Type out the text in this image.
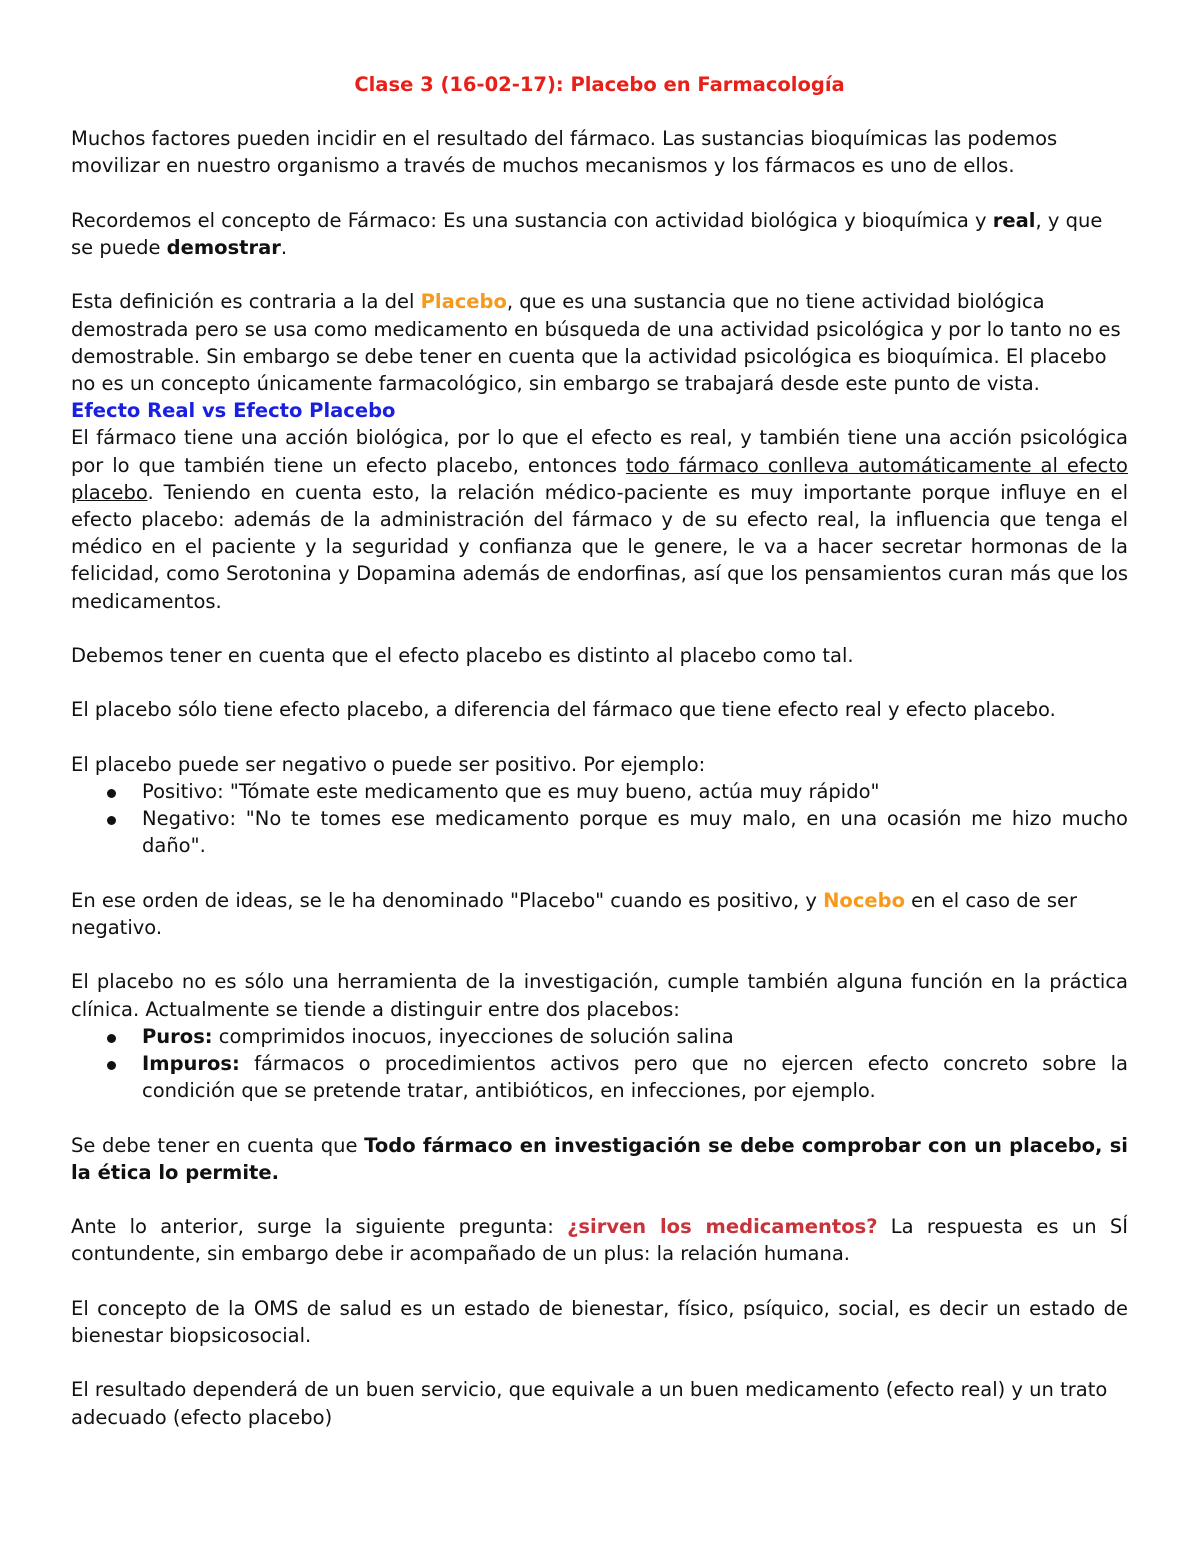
Clase 3 (16-02-17): Placebo en Farmacología

Muchos factores pueden incidir en el resultado del fármaco. Las sustancias bioquímicas las podemos movilizar en nuestro organismo a través de muchos mecanismos y los fármacos es uno de ellos.

Recordemos el concepto de Fármaco: Es una sustancia con actividad biológica y bioquímica y real, y que se puede demostrar.

Esta definición es contraria a la del Placebo, que es una sustancia que no tiene actividad biológica demostrada pero se usa como medicamento en búsqueda de una actividad psicológica y por lo tanto no es demostrable. Sin embargo se debe tener en cuenta que la actividad psicológica es bioquímica. El placebo no es un concepto únicamente farmacológico, sin embargo se trabajará desde este punto de vista.

Efecto Real vs Efecto Placebo

El fármaco tiene una acción biológica, por lo que el efecto es real, y también tiene una acción psicológica por lo que también tiene un efecto placebo, entonces todo fármaco conlleva automáticamente al efecto placebo. Teniendo en cuenta esto, la relación médico-paciente es muy importante porque influye en el efecto placebo: además de la administración del fármaco y de su efecto real, la influencia que tenga el médico en el paciente y la seguridad y confianza que le genere, le va a hacer secretar hormonas de la felicidad, como Serotonina y Dopamina además de endorfinas, así que los pensamientos curan más que los medicamentos.

Debemos tener en cuenta que el efecto placebo es distinto al placebo como tal.

El placebo sólo tiene efecto placebo, a diferencia del fármaco que tiene efecto real y efecto placebo.

El placebo puede ser negativo o puede ser positivo. Por ejemplo:

Positivo: "Tómate este medicamento que es muy bueno, actúa muy rápido"
Negativo: "No te tomes ese medicamento porque es muy malo, en una ocasión me hizo mucho daño".

En ese orden de ideas, se le ha denominado "Placebo" cuando es positivo, y Nocebo en el caso de ser negativo.

El placebo no es sólo una herramienta de la investigación, cumple también alguna función en la práctica clínica. Actualmente se tiende a distinguir entre dos placebos:

Puros: comprimidos inocuos, inyecciones de solución salina
Impuros: fármacos o procedimientos activos pero que no ejercen efecto concreto sobre la condición que se pretende tratar, antibióticos, en infecciones, por ejemplo.

Se debe tener en cuenta que Todo fármaco en investigación se debe comprobar con un placebo, si la ética lo permite.

Ante lo anterior, surge la siguiente pregunta: ¿sirven los medicamentos? La respuesta es un SÍ contundente, sin embargo debe ir acompañado de un plus: la relación humana.

El concepto de la OMS de salud es un estado de bienestar, físico, psíquico, social, es decir un estado de bienestar biopsicosocial.

El resultado dependerá de un buen servicio, que equivale a un buen medicamento (efecto real) y un trato adecuado (efecto placebo)
